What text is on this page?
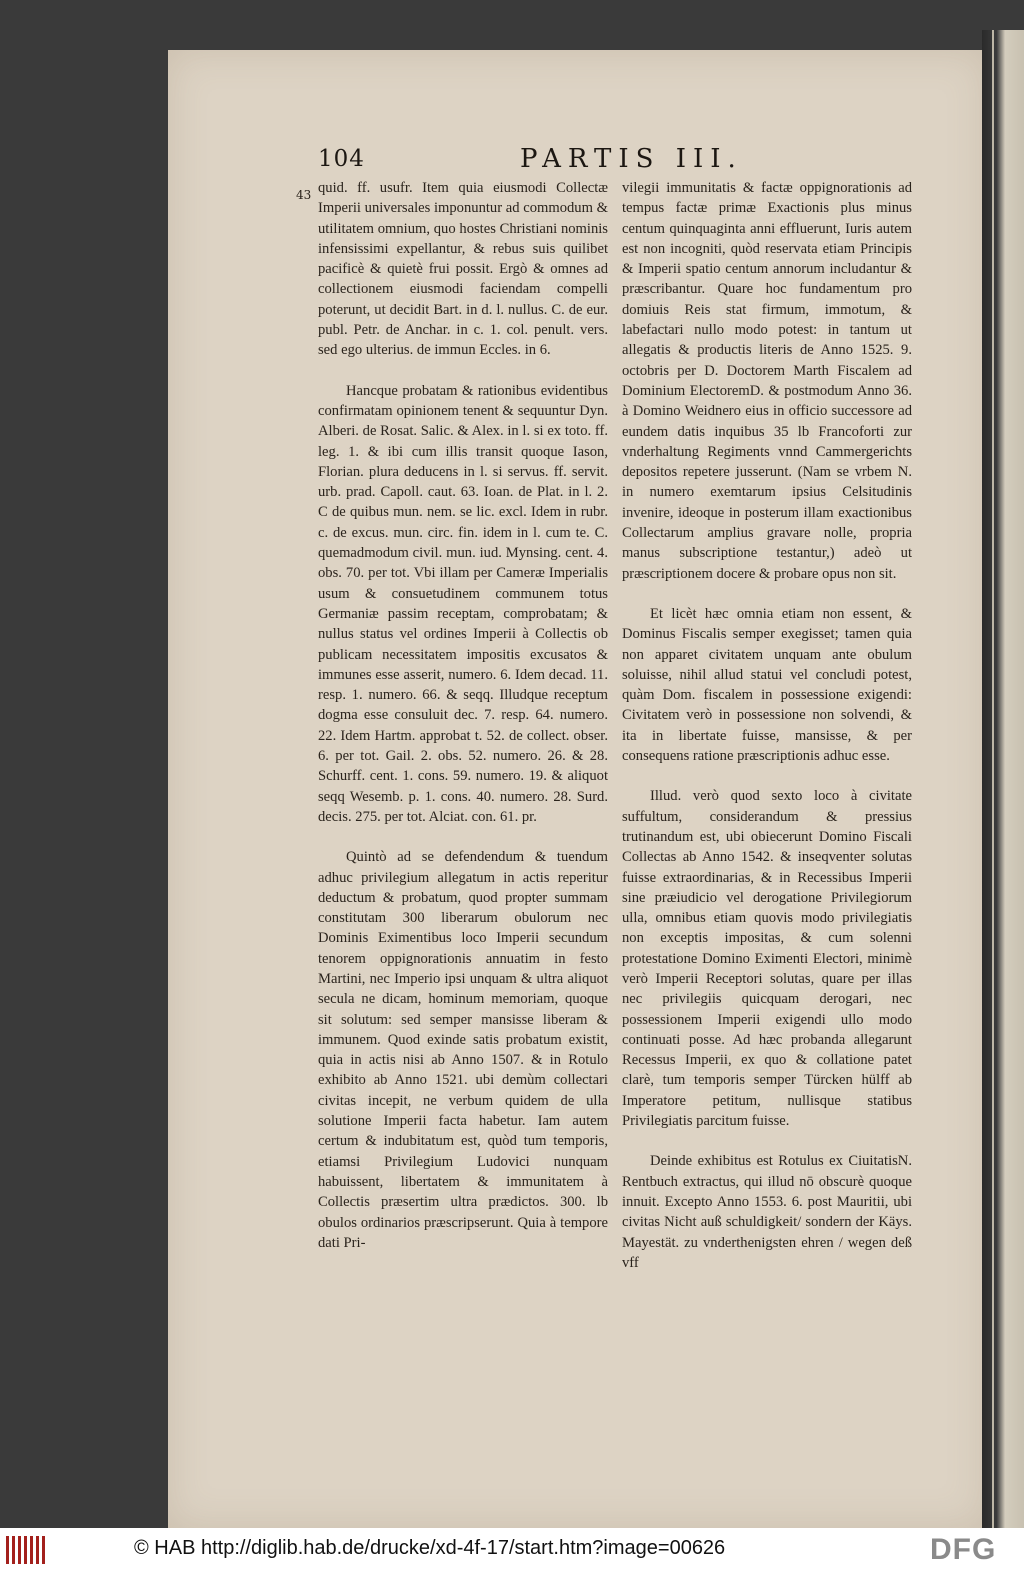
104	PARTIS III.
43 quid. ff. usufr. Item quia eiusmodi Collectæ Imperii universales imponuntur ad commodum & utilitatem omnium, quo hostes Christiani nominis infensissimi expellantur, & rebus suis quilibet pacificè & quietè frui possit. Ergò & omnes ad collectionem eiusmodi faciendam compelli poterunt, ut decidit Bart. in d. l. nullus. C. de eur. publ. Petr. de Anchar. in c. 1. col. penult. vers. sed ego ulterius. de immun Eccles. in 6.

Hancque probatam & rationibus evidentibus confirmatam opinionem tenent & sequuntur Dyn. Alberi. de Rosat. Salic. & Alex. in l. si ex toto. ff. leg. 1. & ibi cum illis transit quoque Iason, Florian. plura deducens in l. si servus. ff. servit. urb. prad. Capoll. caut. 63. Ioan. de Plat. in l. 2. C de quibus mun. nem. se lic. excl. Idem in rubr. c. de excus. mun. circ. fin. idem in l. cum te. C. quemadmodum civil. mun. iud. Mynsing. cent. 4. obs. 70. per tot. Vbi illam per Cameræ Imperialis usum & consuetudinem communem totus Germaniæ passim receptam, comprobatam; & nullus status vel ordines Imperii à Collectis ob publicam necessitatem impositis excusatos & immunes esse asserit, numero. 6. Idem decad. 11. resp. 1. numero. 66. & seqq. Illudque receptum dogma esse consuluit dec. 7. resp. 64. numero. 22. Idem Hartm. approbat t. 52. de collect. obser. 6. per tot. Gail. 2. obs. 52. numero. 26. & 28. Schurff. cent. 1. cons. 59. numero. 19. & aliquot seqq Wesemb. p. 1. cons. 40. numero. 28. Surd. decis. 275. per tot. Alciat. con. 61. pr.

Quintò ad se defendendum & tuendum adhuc privilegium allegatum in actis reperitur deductum & probatum, quod propter summam constitutam 300 liberarum obulorum nec Dominis Eximentibus loco Imperii secundum tenorem oppignorationis annuatim in festo Martini, nec Imperio ipsi unquam & ultra aliquot secula ne dicam, hominum memoriam, quoque sit solutum: sed semper mansisse liberam & immunem. Quod exinde satis probatum existit, quia in actis nisi ab Anno 1507. & in Rotulo exhibito ab Anno 1521. ubi demùm collectari civitas incepit, ne verbum quidem de ulla solutione Imperii facta habetur. Iam autem certum & indubitatum est, quòd tum temporis, etiamsi Privilegium Ludovici nunquam habuissent, libertatem & immunitatem à Collectis præsertim ultra prædictos. 300. lb obulos ordinarios præscripserunt. Quia à tempore dati Pri-

vilegii immunitatis & factæ oppignorationis ad tempus factæ primæ Exactionis plus minus centum quinquaginta anni effluerunt, Iuris autem est non incogniti, quòd reservata etiam Principis & Imperii spatio centum annorum includantur & præscribantur. Quare hoc fundamentum pro domiuis Reis stat firmum, immotum, & labefactari nullo modo potest: in tantum ut allegatis & productis literis de Anno 1525. 9. octobris per D. Doctorem Marth Fiscalem ad Dominium ElectoremD. & postmodum Anno 36. à Domino Weidnero eius in officio successore ad eundem datis inquibus 35 lb Francoforti zur vnderhaltung Regiments vnnd Cammergerichts depositos repetere jusserunt. (Nam se vrbem N. in numero exemtarum ipsius Celsitudinis invenire, ideoque in posterum illam exactionibus Collectarum amplius gravare nolle, propria manus subscriptione testantur,) adeò ut præscriptionem docere & probare opus non sit.

Et licèt hæc omnia etiam non essent, & Dominus Fiscalis semper exegisset; tamen quia non apparet civitatem unquam ante obulum soluisse, nihil allud statui vel concludi potest, quàm Dom. fiscalem in possessione exigendi: Civitatem verò in possessione non solvendi, & ita in libertate fuisse, mansisse, & per consequens ratione præscriptionis adhuc esse.

Illud. verò quod sexto loco à civitate suffultum, considerandum & pressius trutinandum est, ubi obiecerunt Domino Fiscali Collectas ab Anno 1542. & inseqventer solutas fuisse extraordinarias, & in Recessibus Imperii sine præiudicio vel derogatione Privilegiorum ulla, omnibus etiam quovis modo privilegiatis non exceptis impositas, & cum solenni protestatione Domino Eximenti Electori, minimè verò Imperii Receptori solutas, quare per illas nec privilegiis quicquam derogari, nec possessionem Imperii exigendi ullo modo continuati posse. Ad hæc probanda allegarunt Recessus Imperii, ex quo & collatione patet clarè, tum temporis semper Türcken hülff ab Imperatore petitum, nullisque statibus Privilegiatis parcitum fuisse.

Deinde exhibitus est Rotulus ex CiuitatisN. Rentbuch extractus, qui illud nō obscurè quoque innuit. Excepto Anno 1553. 6. post Mauritii, ubi civitas Nicht auß schuldigkeit/ sondern der Käys. Mayestät. zu vnderthenigsten ehren / wegen deß vff

© HAB http://diglib.hab.de/drucke/xd-4f-17/start.htm?image=00626	DFG
